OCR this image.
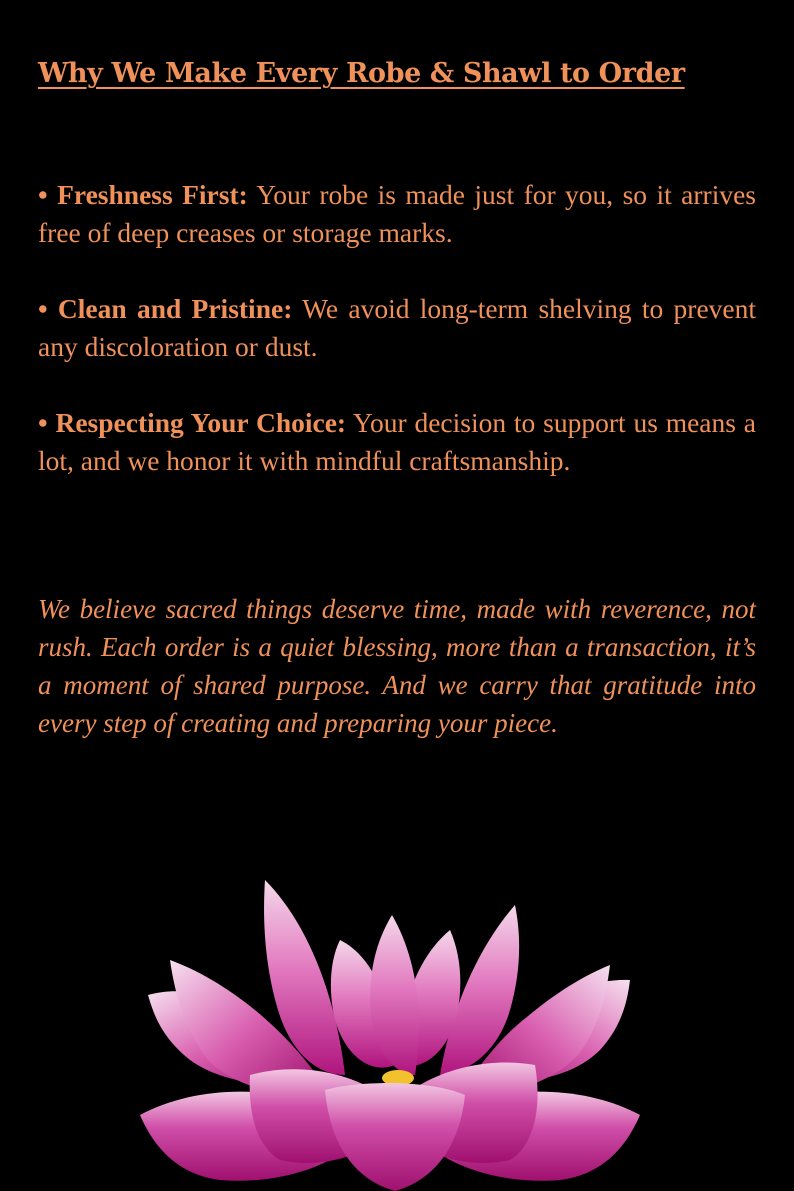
Why We Make Every Robe & Shawl to Order

• Freshness First: Your robe is made just for you, so it arrives free of deep creases or storage marks.

• Clean and Pristine: We avoid long-term shelving to prevent any discoloration or dust.

• Respecting Your Choice: Your decision to support us means a lot, and we honor it with mindful craftsmanship.

We believe sacred things deserve time, made with reverence, not rush. Each order is a quiet blessing, more than a transaction, it’s a moment of shared purpose. And we carry that gratitude into every step of creating and preparing your piece.
